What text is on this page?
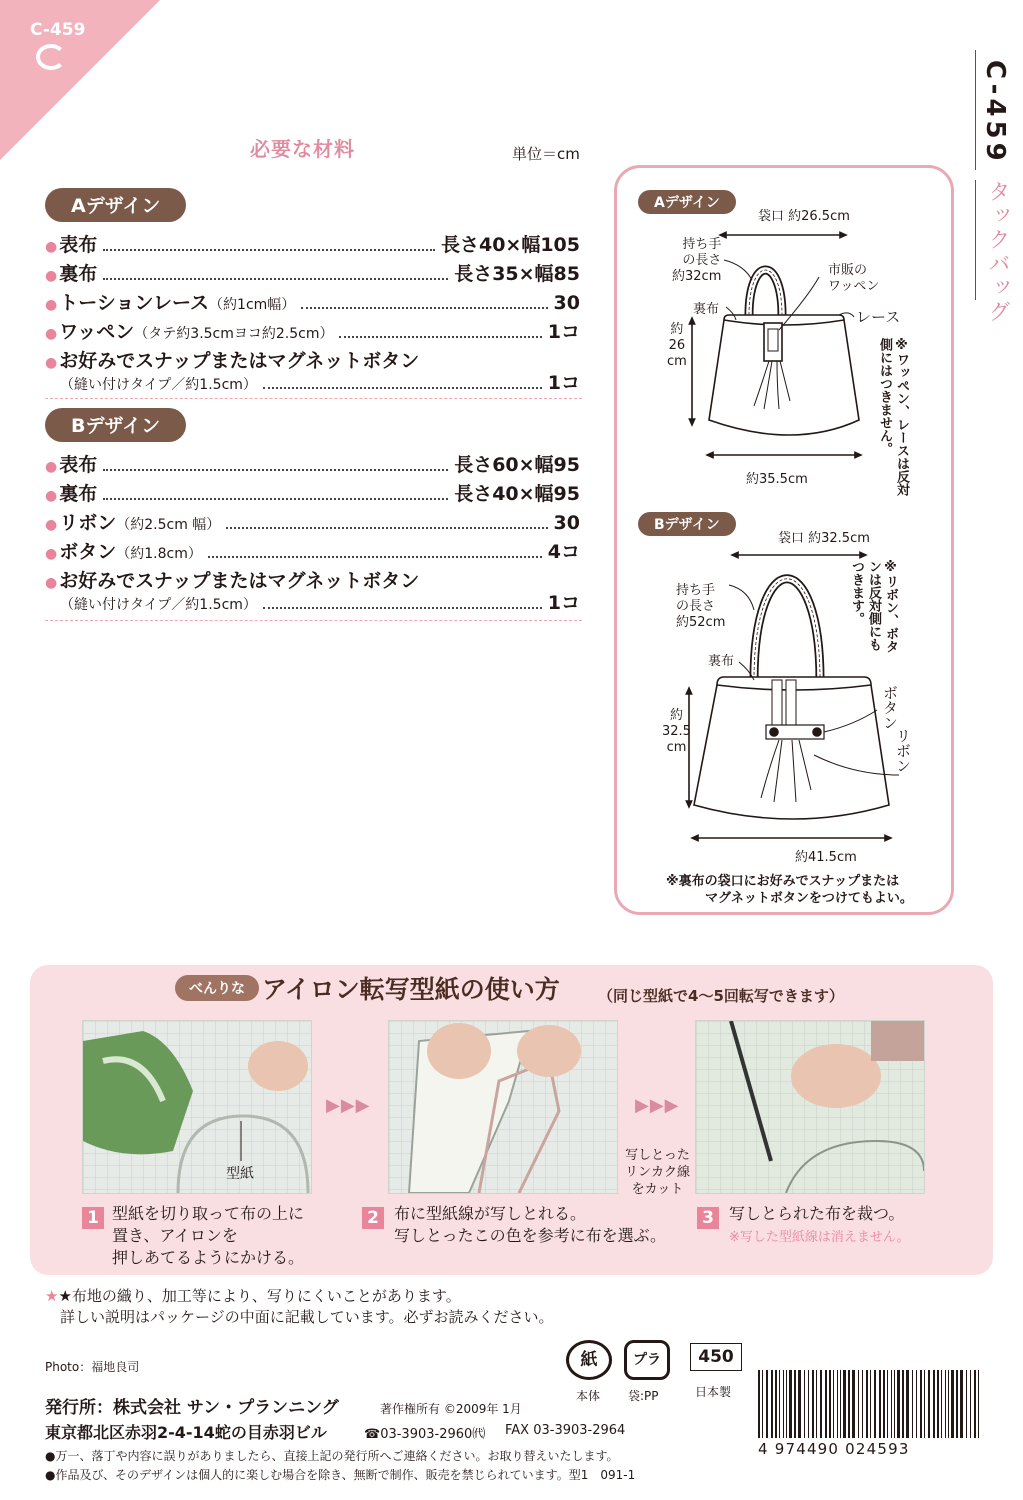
C-459
C-459
タックバッグ
必要な材料	単位＝cm
Aデザイン
● 表布	長さ40×幅105
● 裏布	長さ35×幅85
● トーションレース（約1cm幅）	30
● ワッペン（タテ約3.5cmヨコ約2.5cm）	1コ
● お好みでスナップまたはマグネットボタン
（縫い付けタイプ／約1.5cm）	1コ
Bデザイン
● 表布	長さ60×幅95
● 裏布	長さ40×幅95
● リボン（約2.5cm 幅）	30
● ボタン（約1.8cm）	4コ
● お好みでスナップまたはマグネットボタン
（縫い付けタイプ／約1.5cm）	1コ
Aデザイン
袋口 約26.5cm
持ち手
の長さ
約32cm	市販の
ワッペン
レース
裏布
約
26
cm
約35.5cm	※ワッペン、レースは反対側にはつきません。
Bデザイン
袋口 約32.5cm
持ち手
の長さ
約52cm
裏布
ボタン
リボン
約
32.5
cm
約41.5cm
※リボン、ボタンは反対側にもつきます。
※裏布の袋口にお好みでスナップまたは
　　　マグネットボタンをつけてもよい。
べんりな アイロン転写型紙の使い方	（同じ型紙で4〜5回転写できます）
型紙
▶▶▶
写しとった
リンカク線
をカット
▶▶▶
1 型紙を切り取って布の上に
置き、アイロンを
押しあてるようにかける。
2 布に型紙線が写しとれる。
写しとったこの色を参考に布を選ぶ。
3 写しとられた布を裁つ。
※写した型紙線は消えません。
★★布地の織り、加工等により、写りにくいことがあります。
　詳しい説明はパッケージの中面に記載しています。必ずお読みください。
Photo：福地良司
発行所：株式会社 サン・プランニング	著作権所有 ©2009年 1月
東京都北区赤羽2-4-14蛇の目赤羽ビル	☎03-3903-2960㈹ FAX 03-3903-2964
●万一、落丁や内容に誤りがありましたら、直接上記の発行所へご連絡ください。お取り替えいたします。
●作品及び、そのデザインは個人的に楽しむ場合を除き、無断で制作、販売を禁じられています。型1　091-1
紙
本体
プラ
袋:PP
450
日本製
4 974490 024593
